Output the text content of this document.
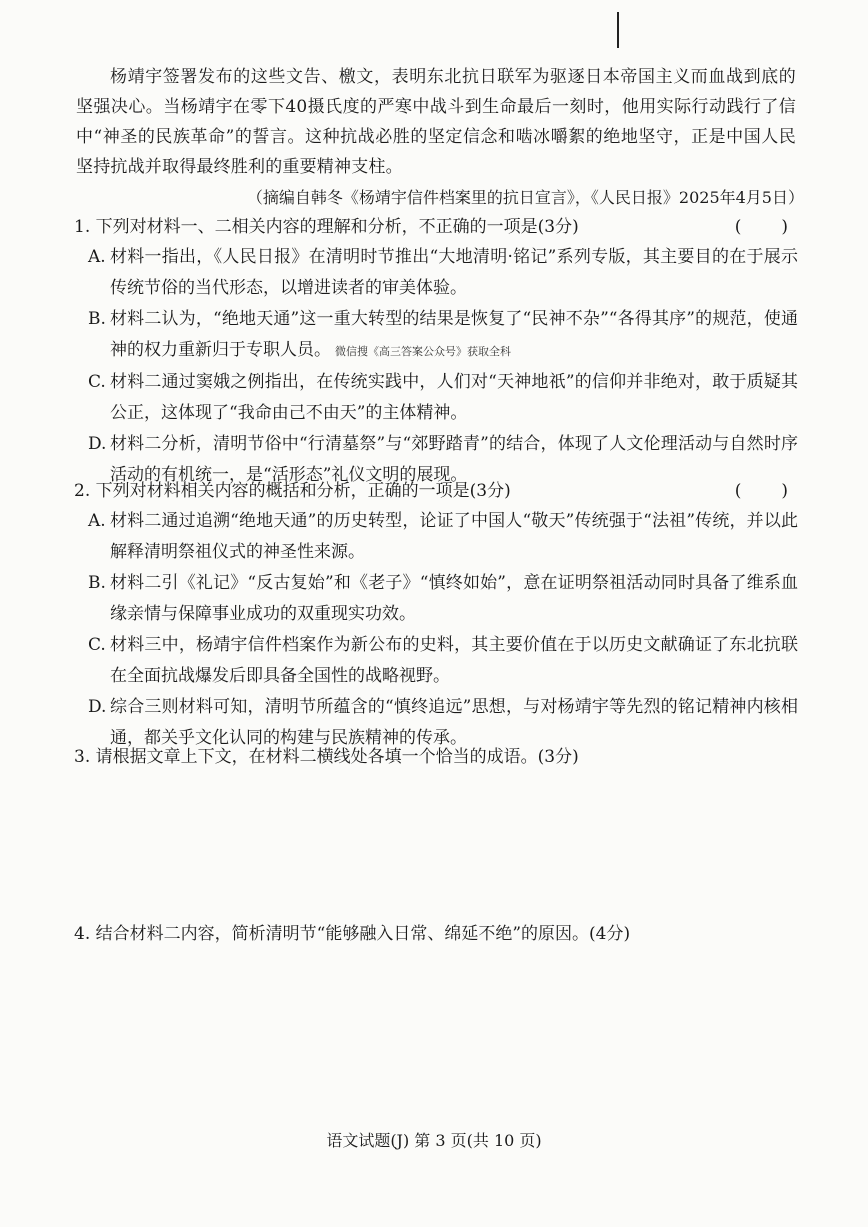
杨靖宇签署发布的这些文告、檄文，表明东北抗日联军为驱逐日本帝国主义而血战到底的坚强决心。当杨靖宇在零下40摄氏度的严寒中战斗到生命最后一刻时，他用实际行动践行了信中“神圣的民族革命”的誓言。这种抗战必胜的坚定信念和啮冰嚼絮的绝地坚守，正是中国人民坚持抗战并取得最终胜利的重要精神支柱。

（摘编自韩冬《杨靖宇信件档案里的抗日宣言》，《人民日报》2025年4月5日）
1. 下列对材料一、二相关内容的理解和分析，不正确的一项是(3分)	(　　)
A. 材料一指出，《人民日报》在清明时节推出“大地清明·铭记”系列专版，其主要目的在于展示传统节俗的当代形态，以增进读者的审美体验。
B. 材料二认为，“绝地天通”这一重大转型的结果是恢复了“民神不杂”“各得其序”的规范，使通神的权力重新归于专职人员。 微信搜《高三答案公众号》获取全科
C. 材料二通过窦娥之例指出，在传统实践中，人们对“天神地祇”的信仰并非绝对，敢于质疑其公正，这体现了“我命由己不由天”的主体精神。
D. 材料二分析，清明节俗中“行清墓祭”与“郊野踏青”的结合，体现了人文伦理活动与自然时序活动的有机统一，是“活形态”礼仪文明的展现。
2. 下列对材料相关内容的概括和分析，正确的一项是(3分)	(　　)
A. 材料二通过追溯“绝地天通”的历史转型，论证了中国人“敬天”传统强于“法祖”传统，并以此解释清明祭祖仪式的神圣性来源。
B. 材料二引《礼记》“反古复始”和《老子》“慎终如始”，意在证明祭祖活动同时具备了维系血缘亲情与保障事业成功的双重现实功效。
C. 材料三中，杨靖宇信件档案作为新公布的史料，其主要价值在于以历史文献确证了东北抗联在全面抗战爆发后即具备全国性的战略视野。
D. 综合三则材料可知，清明节所蕴含的“慎终追远”思想，与对杨靖宇等先烈的铭记精神内核相通，都关乎文化认同的构建与民族精神的传承。
3. 请根据文章上下文，在材料二横线处各填一个恰当的成语。(3分)
4. 结合材料二内容，简析清明节“能够融入日常、绵延不绝”的原因。(4分)
语文试题(J) 第 3 页(共 10 页)
